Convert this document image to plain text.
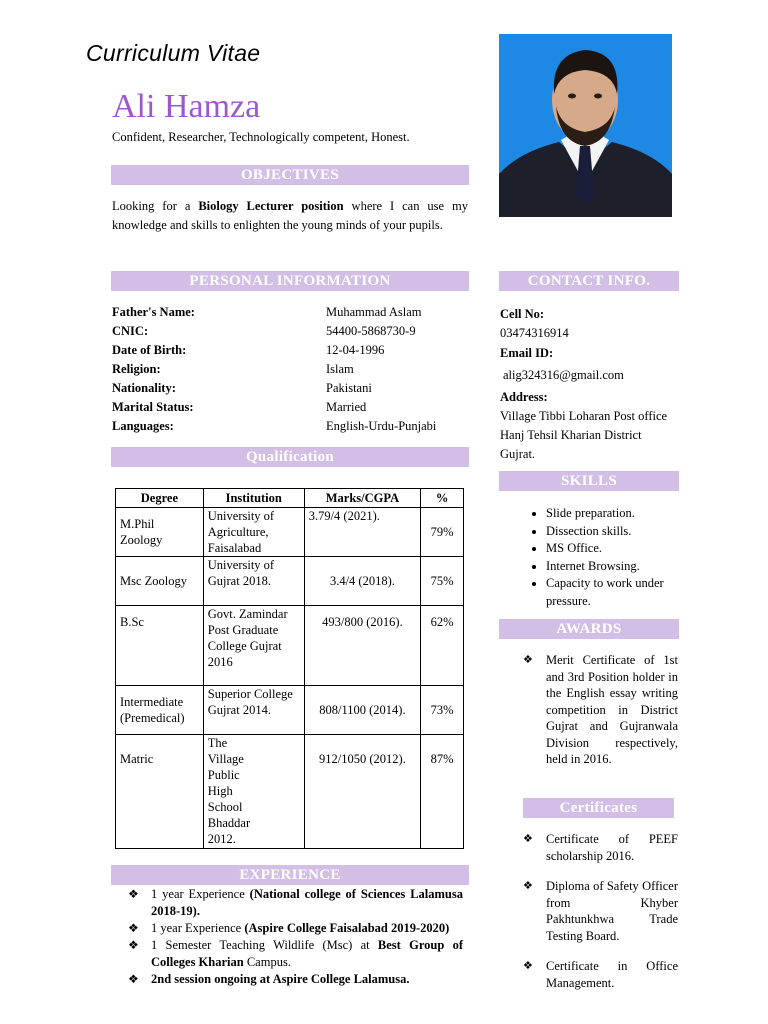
Curriculum Vitae
Ali Hamza
Confident, Researcher, Technologically competent, Honest.
OBJECTIVES
Looking for a Biology Lecturer position where I can use my knowledge and skills to enlighten the young minds of your pupils.
PERSONAL INFORMATION
Father's Name:	Muhammad Aslam
CNIC:	54400-5868730-9
Date of Birth:	12-04-1996
Religion:	Islam
Nationality:	Pakistani
Marital Status:	Married
Languages:	English-Urdu-Punjabi
Qualification
Degree	Institution	Marks/CGPA	%
M.Phil Zoology	University of Agriculture, Faisalabad	3.79/4 (2021).	79%
Msc Zoology	University of Gujrat 2018.	3.4/4 (2018).	75%
B.Sc	Govt. Zamindar Post Graduate College Gujrat 2016	493/800 (2016).	62%
Intermediate (Premedical)	Superior College Gujrat 2014.	808/1100 (2014).	73%
Matric	The Village Public High School Bhaddar 2012.	912/1050 (2012).	87%
EXPERIENCE
❖ 1 year Experience (National college of Sciences Lalamusa 2018-19).
❖ 1 year Experience (Aspire College Faisalabad 2019-2020)
❖ 1 Semester Teaching Wildlife (Msc) at Best Group of Colleges Kharian Campus.
❖ 2nd session ongoing at Aspire College Lalamusa.
CONTACT INFO.
Cell No:
03474316914
Email ID:
alig324316@gmail.com
Address:
Village Tibbi Loharan Post office Hanj Tehsil Kharian District Gujrat.
SKILLS
• Slide preparation.
• Dissection skills.
• MS Office.
• Internet Browsing.
• Capacity to work under pressure.
AWARDS
❖ Merit Certificate of 1st and 3rd Position holder in the English essay writing competition in District Gujrat and Gujranwala Division respectively, held in 2016.
Certificates
❖ Certificate of PEEF scholarship 2016.
❖ Diploma of Safety Officer from Khyber Pakhtunkhwa Trade Testing Board.
❖ Certificate in Office Management.
